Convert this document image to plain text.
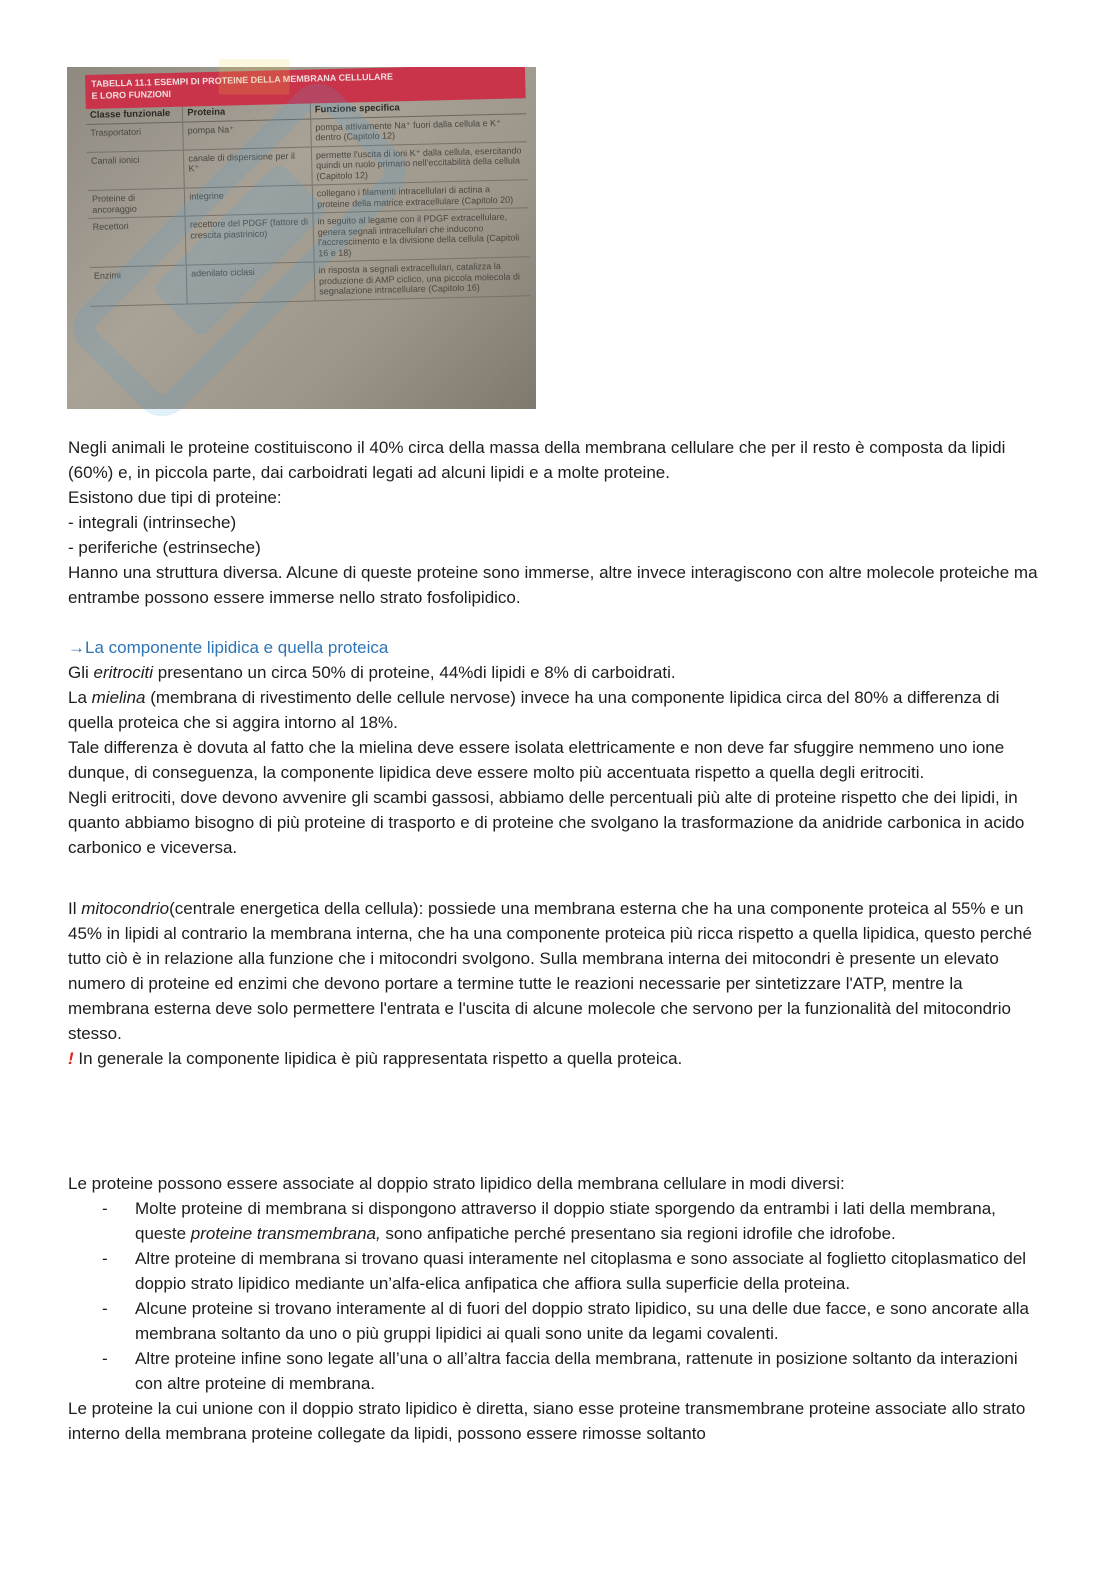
TABELLA 11.1 ESEMPI DI PROTEINE DELLA MEMBRANA CELLULARE
E LORO FUNZIONI
Classe funzionale	Proteina	Funzione specifica
Trasportatori	pompa Na⁺	pompa attivamente Na⁺ fuori dalla cellula e K⁺ dentro (Capitolo 12)
Canali ionici	canale di dispersione per il K⁺	permette l'uscita di ioni K⁺ dalla cellula, esercitando quindi un ruolo primario nell'eccitabilità della cellula (Capitolo 12)
Proteine di ancoraggio	integrine	collegano i filamenti intracellulari di actina a proteine della matrice extracellulare (Capitolo 20)
Recettori	recettore del PDGF (fattore di crescita piastrinico)	in seguito al legame con il PDGF extracellulare, genera segnali intracellulari che inducono l'accrescimento e la divisione della cellula (Capitoli 16 e 18)
Enzimi	adenilato ciclasi	in risposta a segnali extracellulari, catalizza la produzione di AMP ciclico, una piccola molecola di segnalazione intracellulare (Capitolo 16)

Negli animali le proteine costituiscono il 40% circa della massa della membrana cellulare che per il resto è composta da lipidi (60%) e, in piccola parte, dai carboidrati legati ad alcuni lipidi e a molte proteine.

Esistono due tipi di proteine:

- integrali (intrinseche)

- periferiche (estrinseche)

Hanno una struttura diversa. Alcune di queste proteine sono immerse, altre invece interagiscono con altre molecole proteiche ma entrambe possono essere immerse nello strato fosfolipidico.

→La componente lipidica e quella proteica

Gli eritrociti presentano un circa 50% di proteine, 44%di lipidi e 8% di carboidrati.

La mielina (membrana di rivestimento delle cellule nervose) invece ha una componente lipidica circa del 80% a differenza di quella proteica che si aggira intorno al 18%.

Tale differenza è dovuta al fatto che la mielina deve essere isolata elettricamente e non deve far sfuggire nemmeno uno ione dunque, di conseguenza, la componente lipidica deve essere molto più accentuata rispetto a quella degli eritrociti.

Negli eritrociti, dove devono avvenire gli scambi gassosi, abbiamo delle percentuali più alte di proteine rispetto che dei lipidi, in quanto abbiamo bisogno di più proteine di trasporto e di proteine che svolgano la trasformazione da anidride carbonica in acido carbonico e viceversa.

Il mitocondrio(centrale energetica della cellula): possiede una membrana esterna che ha una componente proteica al 55% e un 45% in lipidi al contrario la membrana interna, che ha una componente proteica più ricca rispetto a quella lipidica, questo perché tutto ciò è in relazione alla funzione che i mitocondri svolgono. Sulla membrana interna dei mitocondri è presente un elevato numero di proteine ed enzimi che devono portare a termine tutte le reazioni necessarie per sintetizzare l'ATP, mentre la membrana esterna deve solo permettere l'entrata e l'uscita di alcune molecole che servono per la funzionalità del mitocondrio stesso.

! In generale la componente lipidica è più rappresentata rispetto a quella proteica.

Le proteine possono essere associate al doppio strato lipidico della membrana cellulare in modi diversi:

- Molte proteine di membrana si dispongono attraverso il doppio stiate sporgendo da entrambi i lati della membrana, queste proteine transmembrana, sono anfipatiche perché presentano sia regioni idrofile che idrofobe.
- Altre proteine di membrana si trovano quasi interamente nel citoplasma e sono associate al foglietto citoplasmatico del doppio strato lipidico mediante un’alfa-elica anfipatica che affiora sulla superficie della proteina.
- Alcune proteine si trovano interamente al di fuori del doppio strato lipidico, su una delle due facce, e sono ancorate alla membrana soltanto da uno o più gruppi lipidici ai quali sono unite da legami covalenti.
- Altre proteine infine sono legate all’una o all’altra faccia della membrana, rattenute in posizione soltanto da interazioni con altre proteine di membrana.

Le proteine la cui unione con il doppio strato lipidico è diretta, siano esse proteine transmembrane proteine associate allo strato interno della membrana proteine collegate da lipidi, possono essere rimosse soltanto
